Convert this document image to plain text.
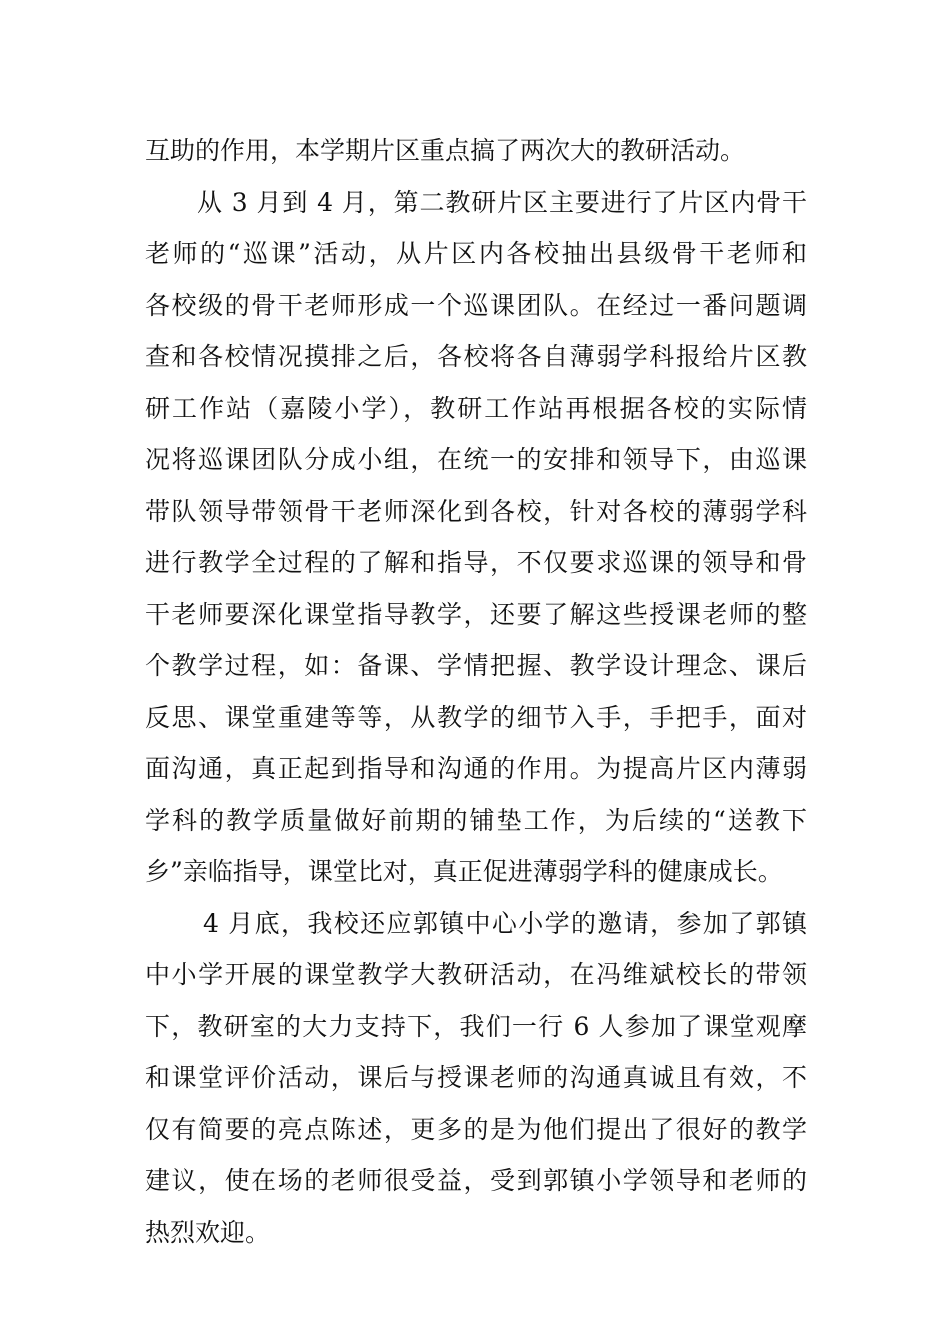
互助的作用，本学期片区重点搞了两次大的教研活动。
从 3 月到 4 月，第二教研片区主要进行了片区内骨干
老师的“巡课”活动，从片区内各校抽出县级骨干老师和
各校级的骨干老师形成一个巡课团队。在经过一番问题调
查和各校情况摸排之后，各校将各自薄弱学科报给片区教
研工作站（嘉陵小学），教研工作站再根据各校的实际情
况将巡课团队分成小组，在统一的安排和领导下，由巡课
带队领导带领骨干老师深化到各校，针对各校的薄弱学科
进行教学全过程的了解和指导，不仅要求巡课的领导和骨
干老师要深化课堂指导教学，还要了解这些授课老师的整
个教学过程，如：备课、学情把握、教学设计理念、课后
反思、课堂重建等等，从教学的细节入手，手把手，面对
面沟通，真正起到指导和沟通的作用。为提高片区内薄弱
学科的教学质量做好前期的铺垫工作，为后续的“送教下
乡”亲临指导，课堂比对，真正促进薄弱学科的健康成长。
4 月底，我校还应郭镇中心小学的邀请，参加了郭镇
中小学开展的课堂教学大教研活动，在冯维斌校长的带领
下，教研室的大力支持下，我们一行 6 人参加了课堂观摩
和课堂评价活动，课后与授课老师的沟通真诚且有效，不
仅有简要的亮点陈述，更多的是为他们提出了很好的教学
建议，使在场的老师很受益，受到郭镇小学领导和老师的
热烈欢迎。
